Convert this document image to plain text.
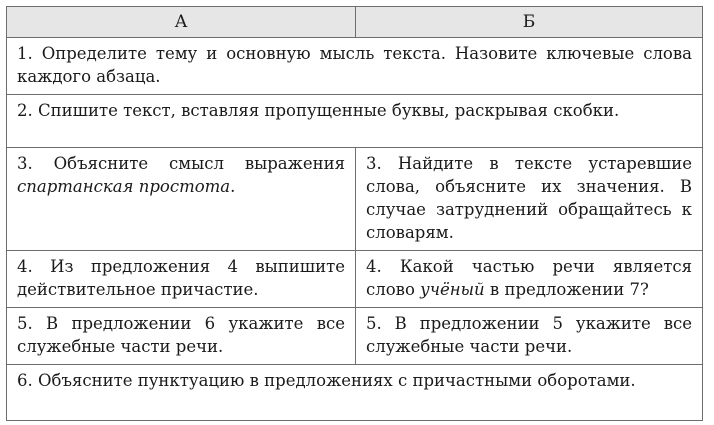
А	Б
1. Определите тему и основную мысль текста. Назовите ключевые слова каждого абзаца.	
2. Спишите текст, вставляя пропущенные буквы, раскрывая скобки.	
3. Объясните смысл выражения спартанская простота.	3. Найдите в тексте устаревшие слова, объясните их значения. В случае затруднений обращайтесь к словарям.
4. Из предложения 4 выпишите действительное причастие.	4. Какой частью речи является слово учёный в предложении 7?
5. В предложении 6 укажите все служебные части речи.	5. В предложении 5 укажите все служебные части речи.
6. Объясните пунктуацию в предложениях с причастными оборотами.	
